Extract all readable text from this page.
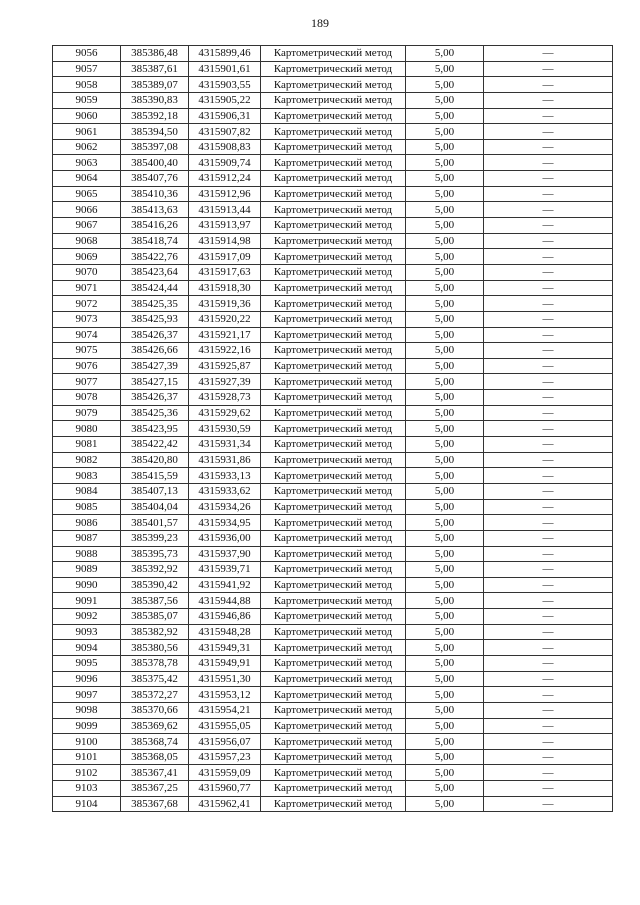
189
9056	385386,48	4315899,46	Картометрический метод	5,00	—
9057	385387,61	4315901,61	Картометрический метод	5,00	—
9058	385389,07	4315903,55	Картометрический метод	5,00	—
9059	385390,83	4315905,22	Картометрический метод	5,00	—
9060	385392,18	4315906,31	Картометрический метод	5,00	—
9061	385394,50	4315907,82	Картометрический метод	5,00	—
9062	385397,08	4315908,83	Картометрический метод	5,00	—
9063	385400,40	4315909,74	Картометрический метод	5,00	—
9064	385407,76	4315912,24	Картометрический метод	5,00	—
9065	385410,36	4315912,96	Картометрический метод	5,00	—
9066	385413,63	4315913,44	Картометрический метод	5,00	—
9067	385416,26	4315913,97	Картометрический метод	5,00	—
9068	385418,74	4315914,98	Картометрический метод	5,00	—
9069	385422,76	4315917,09	Картометрический метод	5,00	—
9070	385423,64	4315917,63	Картометрический метод	5,00	—
9071	385424,44	4315918,30	Картометрический метод	5,00	—
9072	385425,35	4315919,36	Картометрический метод	5,00	—
9073	385425,93	4315920,22	Картометрический метод	5,00	—
9074	385426,37	4315921,17	Картометрический метод	5,00	—
9075	385426,66	4315922,16	Картометрический метод	5,00	—
9076	385427,39	4315925,87	Картометрический метод	5,00	—
9077	385427,15	4315927,39	Картометрический метод	5,00	—
9078	385426,37	4315928,73	Картометрический метод	5,00	—
9079	385425,36	4315929,62	Картометрический метод	5,00	—
9080	385423,95	4315930,59	Картометрический метод	5,00	—
9081	385422,42	4315931,34	Картометрический метод	5,00	—
9082	385420,80	4315931,86	Картометрический метод	5,00	—
9083	385415,59	4315933,13	Картометрический метод	5,00	—
9084	385407,13	4315933,62	Картометрический метод	5,00	—
9085	385404,04	4315934,26	Картометрический метод	5,00	—
9086	385401,57	4315934,95	Картометрический метод	5,00	—
9087	385399,23	4315936,00	Картометрический метод	5,00	—
9088	385395,73	4315937,90	Картометрический метод	5,00	—
9089	385392,92	4315939,71	Картометрический метод	5,00	—
9090	385390,42	4315941,92	Картометрический метод	5,00	—
9091	385387,56	4315944,88	Картометрический метод	5,00	—
9092	385385,07	4315946,86	Картометрический метод	5,00	—
9093	385382,92	4315948,28	Картометрический метод	5,00	—
9094	385380,56	4315949,31	Картометрический метод	5,00	—
9095	385378,78	4315949,91	Картометрический метод	5,00	—
9096	385375,42	4315951,30	Картометрический метод	5,00	—
9097	385372,27	4315953,12	Картометрический метод	5,00	—
9098	385370,66	4315954,21	Картометрический метод	5,00	—
9099	385369,62	4315955,05	Картометрический метод	5,00	—
9100	385368,74	4315956,07	Картометрический метод	5,00	—
9101	385368,05	4315957,23	Картометрический метод	5,00	—
9102	385367,41	4315959,09	Картометрический метод	5,00	—
9103	385367,25	4315960,77	Картометрический метод	5,00	—
9104	385367,68	4315962,41	Картометрический метод	5,00	—
